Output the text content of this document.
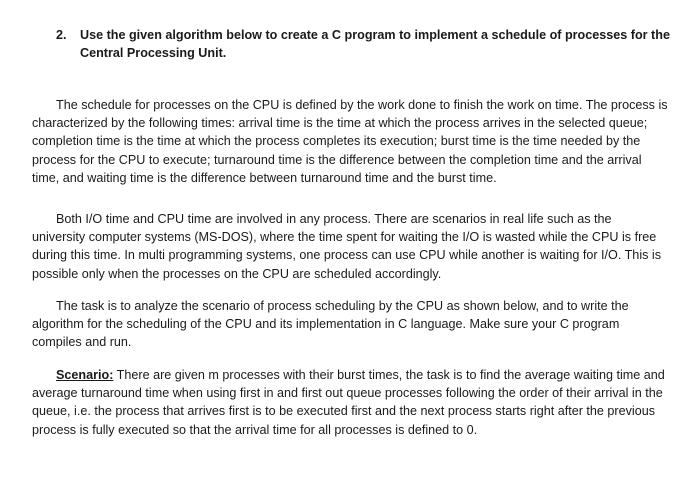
2.	Use the given algorithm below to create a C program to implement a schedule of processes for the Central Processing Unit.

The schedule for processes on the CPU is defined by the work done to finish the work on time. The process is characterized by the following times: arrival time is the time at which the process arrives in the selected queue; completion time is the time at which the process completes its execution; burst time is the time needed by the process for the CPU to execute; turnaround time is the difference between the completion time and the arrival time, and waiting time is the difference between turnaround time and the burst time.

Both I/O time and CPU time are involved in any process. There are scenarios in real life such as the university computer systems (MS-DOS), where the time spent for waiting the I/O is wasted while the CPU is free during this time. In multi programming systems, one process can use CPU while another is waiting for I/O. This is possible only when the processes on the CPU are scheduled accordingly.

The task is to analyze the scenario of process scheduling by the CPU as shown below, and to write the algorithm for the scheduling of the CPU and its implementation in C language. Make sure your C program compiles and run.

Scenario: There are given m processes with their burst times, the task is to find the average waiting time and average turnaround time when using first in and first out queue processes following the order of their arrival in the queue, i.e. the process that arrives first is to be executed first and the next process starts right after the previous process is fully executed so that the arrival time for all processes is defined to 0.
